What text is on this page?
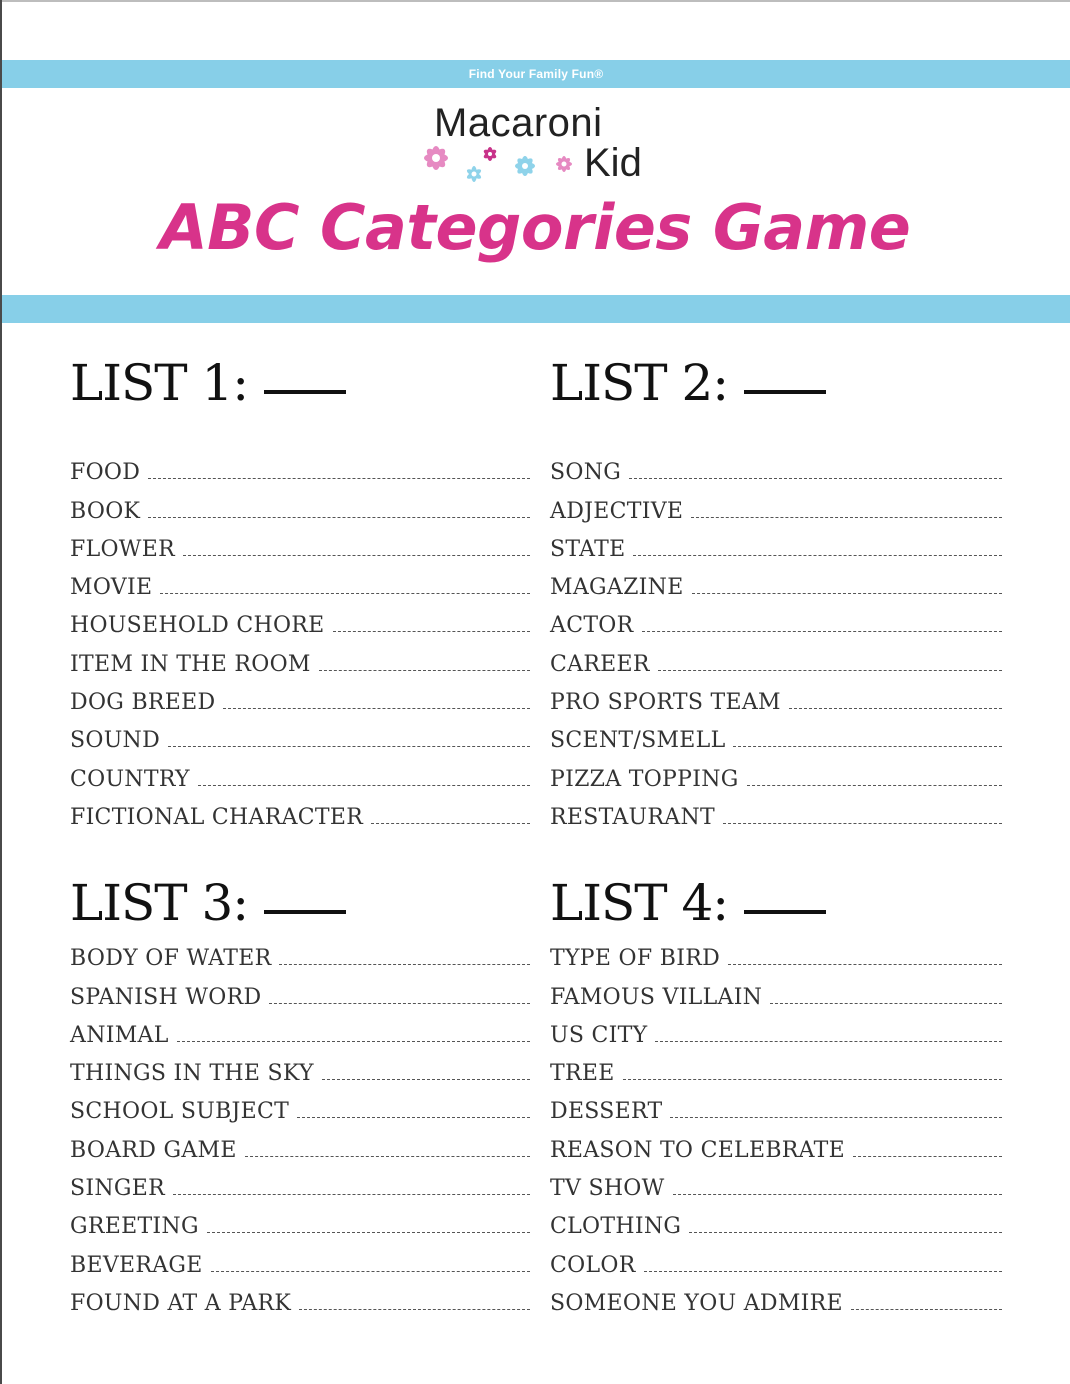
Find Your Family Fun®
Macaroni
Kid
ABC Categories Game
LIST 1:
FOOD
BOOK
FLOWER
MOVIE
HOUSEHOLD CHORE
ITEM IN THE ROOM
DOG BREED
SOUND
COUNTRY
FICTIONAL CHARACTER
LIST 2:
SONG
ADJECTIVE
STATE
MAGAZINE
ACTOR
CAREER
PRO SPORTS TEAM
SCENT/SMELL
PIZZA TOPPING
RESTAURANT
LIST 3:
BODY OF WATER
SPANISH WORD
ANIMAL
THINGS IN THE SKY
SCHOOL SUBJECT
BOARD GAME
SINGER
GREETING
BEVERAGE
FOUND AT A PARK
LIST 4:
TYPE OF BIRD
FAMOUS VILLAIN
US CITY
TREE
DESSERT
REASON TO CELEBRATE
TV SHOW
CLOTHING
COLOR
SOMEONE YOU ADMIRE
